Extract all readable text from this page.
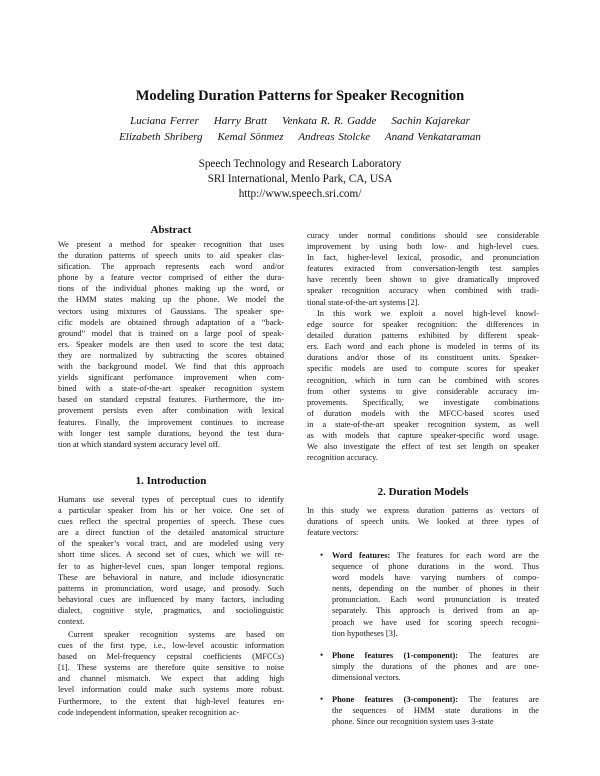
Modeling Duration Patterns for Speaker Recognition
Luciana Ferrer    Harry Bratt    Venkata R. R. Gadde    Sachin Kajarekar
Elizabeth Shriberg    Kemal Sönmez    Andreas Stolcke    Anand Venkataraman
Speech Technology and Research Laboratory
SRI International, Menlo Park, CA, USA
http://www.speech.sri.com/
Abstract
We present a method for speaker recognition that uses
the duration patterns of speech units to aid speaker clas-
sification. The approach represents each word and/or
phone by a feature vector comprised of either the dura-
tions of the individual phones making up the word, or
the HMM states making up the phone. We model the
vectors using mixtures of Gaussians. The speaker spe-
cific models are obtained through adaptation of a “back-
ground” model that is trained on a large pool of speak-
ers. Speaker models are then used to score the test data;
they are normalized by subtracting the scores obtained
with the background model. We find that this approach
yields significant perfomance improvement when com-
bined with a state-of-the-art speaker recognition system
based on standard cepstral features. Furthermore, the im-
provement persists even after combination with lexical
features. Finally, the improvement continues to increase
with longer test sample durations, beyond the test dura-
tion at which standard system accuracy level off.
1. Introduction
Humans use several types of perceptual cues to identify
a particular speaker from his or her voice. One set of
cues reflect the spectral properties of speech. These cues
are a direct function of the detailed anatomical structure
of the speaker’s vocal tract, and are modeled using very
short time slices. A second set of cues, which we will re-
fer to as higher-level cues, span longer temporal regions.
These are behavioral in nature, and include idiosyncratic
patterns in pronunciation, word usage, and prosody. Such
behavioral cues are influenced by many factors, including
dialect, cognitive style, pragmatics, and sociolinguistic
context.
Current speaker recognition systems are based on
cues of the first type, i.e., low-level acoustic information
based on Mel-frequency cepstral coefficients (MFCCs)
[1]. These systems are therefore quite sensitive to noise
and channel mismatch. We expect that adding high
level information could make such systems more robust.
Furthermore, to the extent that high-level features en-
code independent information, speaker recognition ac-
curacy under normal conditions should see considerable
improvement by using both low- and high-level cues.
In fact, higher-level lexical, prosodic, and pronunciation
features extracted from conversation-length test samples
have recently been shown to give dramatically improved
speaker recognition accuracy when combined with tradi-
tional state-of-the-art systems [2].
In this work we exploit a novel high-level knowl-
edge source for speaker recognition: the differences in
detailed duration patterns exhibited by different speak-
ers. Each word and each phone is modeled in terms of its
durations and/or those of its constituent units. Speaker-
specific models are used to compute scores for speaker
recognition, which in turn can be combined with scores
from other systems to give considerable accuracy im-
provements. Specifically, we investigate combinations
of duration models with the MFCC-based scores used
in a state-of-the-art speaker recognition system, as well
as with models that capture speaker-specific word usage.
We also investigate the effect of test set length on speaker
recognition accuracy.
2. Duration Models
In this study we express duration patterns as vectors of
durations of speech units. We looked at three types of
feature vectors:
• Word features: The features for each word are the
sequence of phone durations in the word. Thus
word models have varying numbers of compo-
nents, depending on the number of phones in their
pronunciation. Each word pronunciation is treated
separately. This approach is derived from an ap-
proach we have used for scoring speech recogni-
tion hypotheses [3].
• Phone features (1-component): The features are
simply the durations of the phones and are one-
dimensional vectors.
• Phone features (3-component): The features are
the sequences of HMM state durations in the
phone. Since our recognition system uses 3-state
